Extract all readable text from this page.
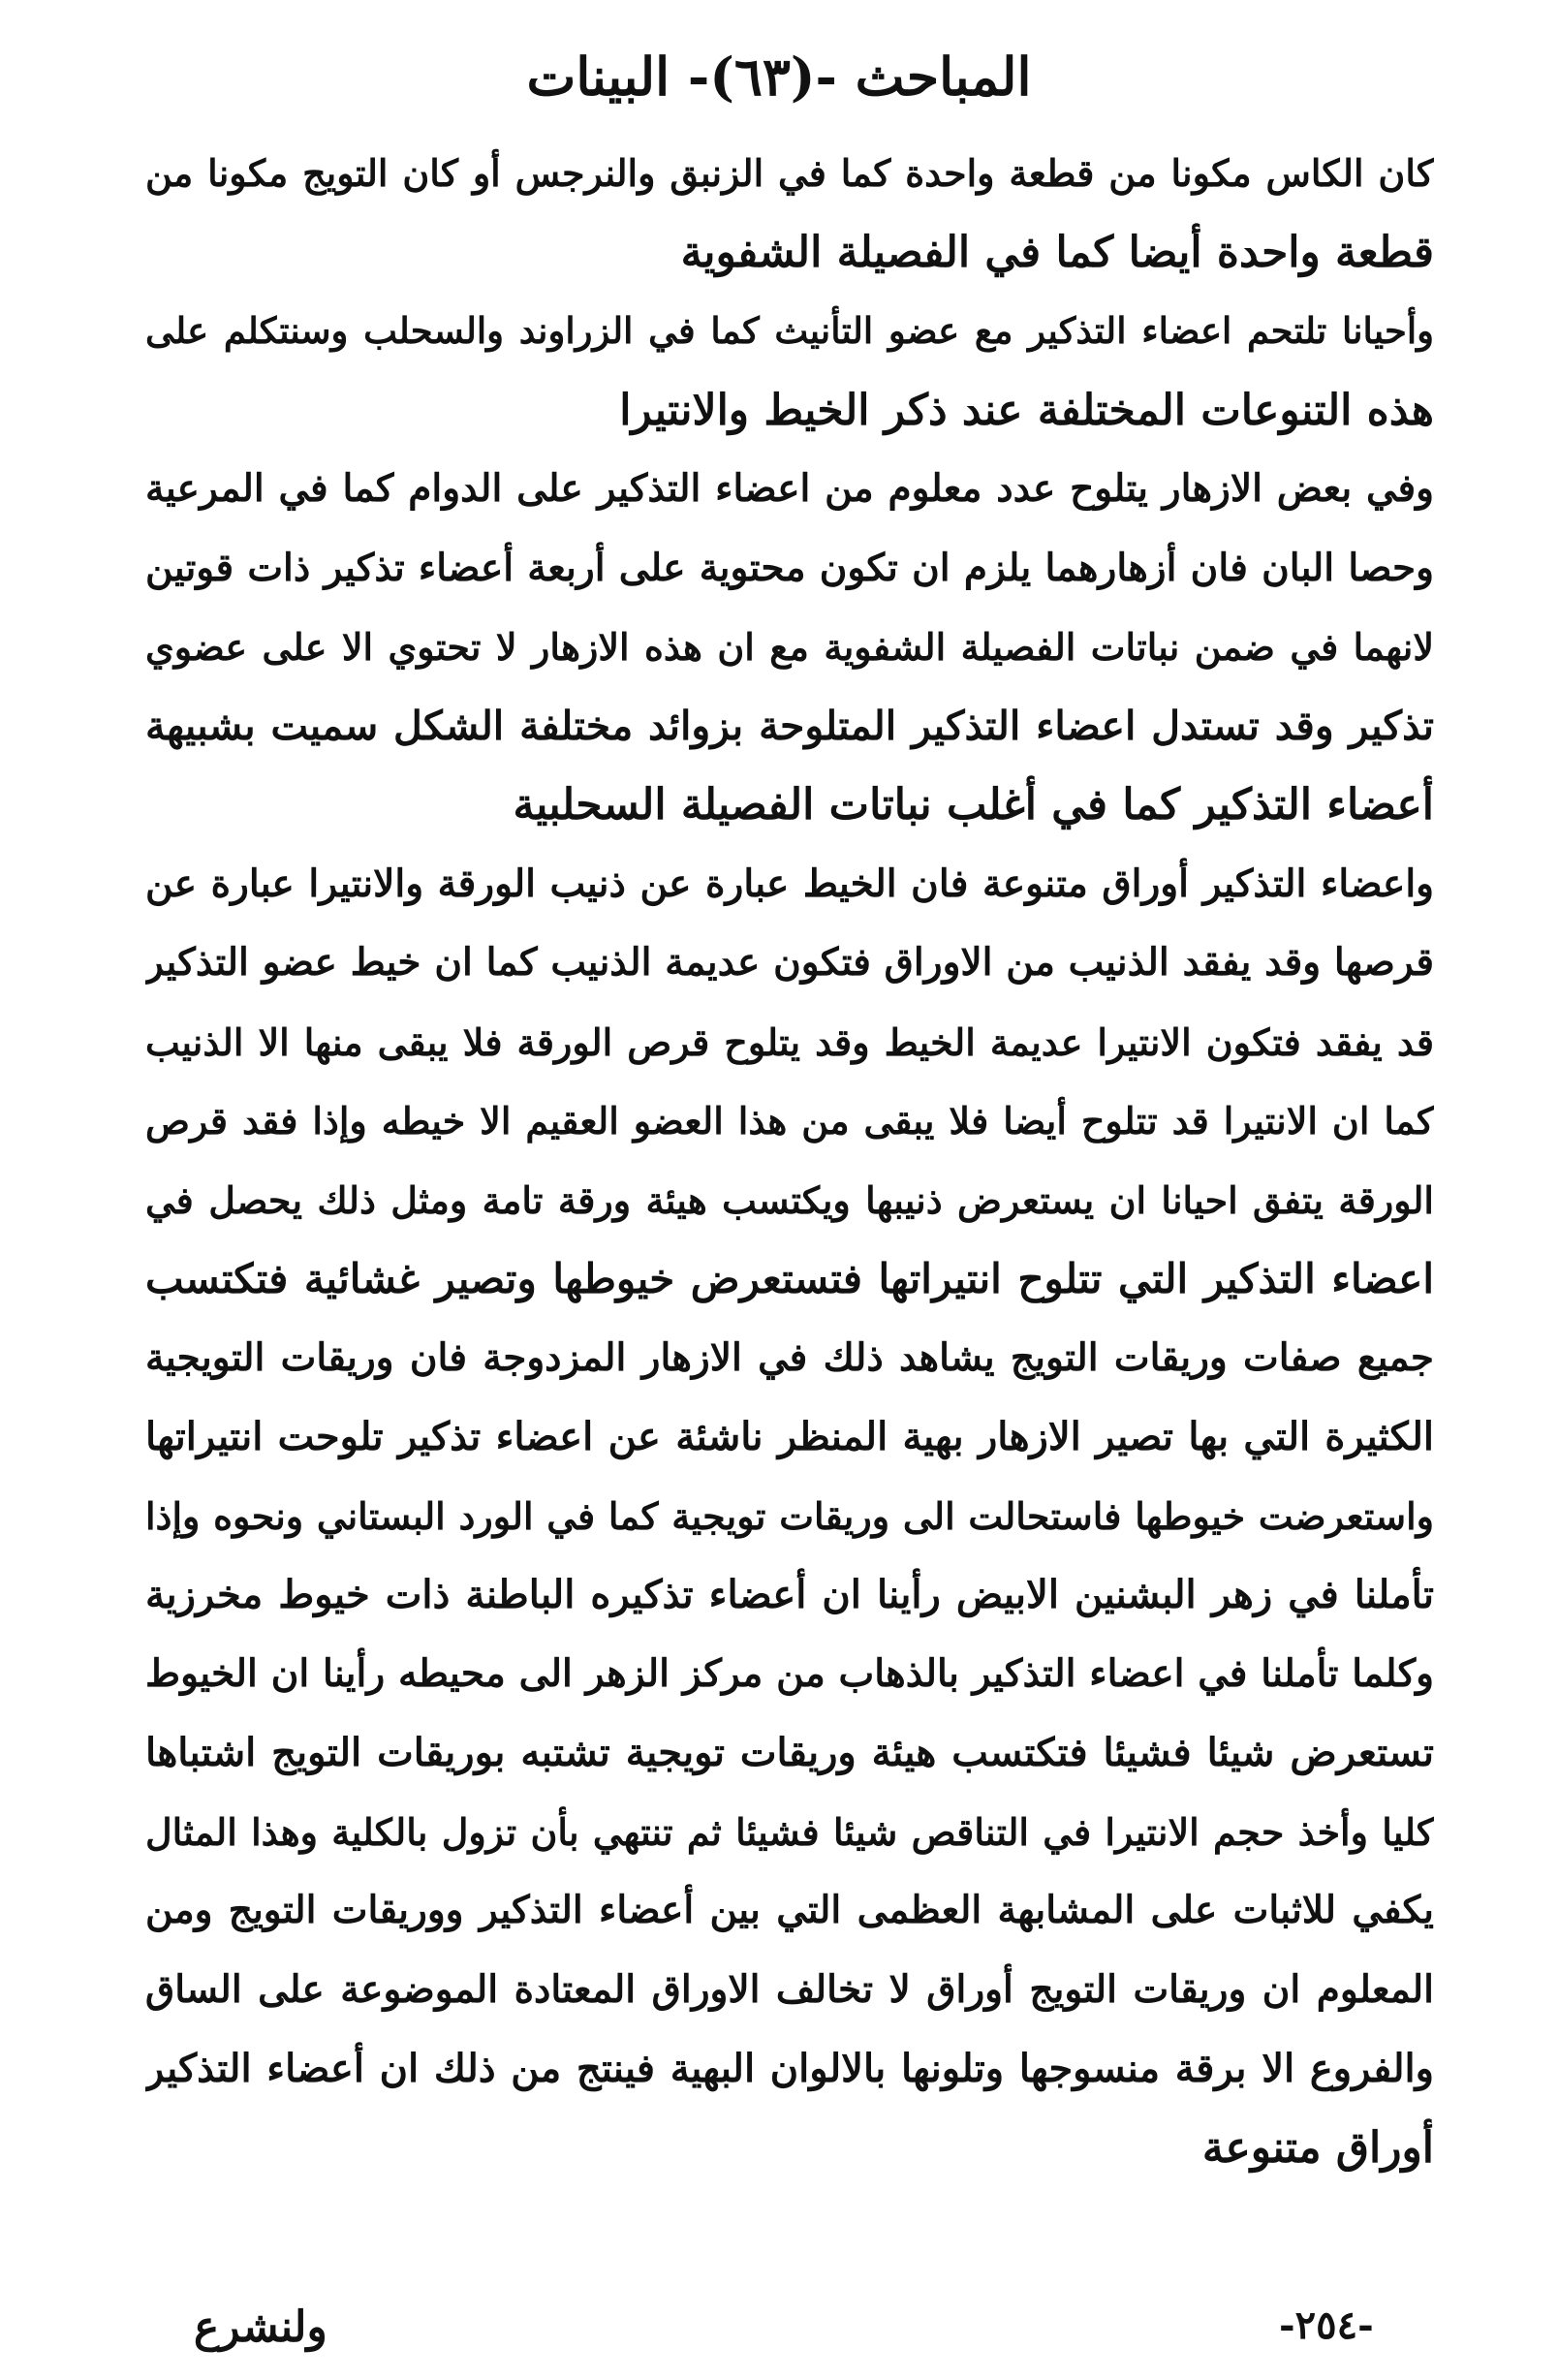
المباحث -(٦٣)- البينات
كان الكاس مكونا من قطعة واحدة كما في الزنبق والنرجس أو كان التويج مكونا من
قطعة واحدة أيضا كما في الفصيلة الشفوية
وأحيانا تلتحم اعضاء التذكير مع عضو التأنيث كما في الزراوند والسحلب وسنتكلم على
هذه التنوعات المختلفة عند ذكر الخيط والانتيرا
وفي بعض الازهار يتلوح عدد معلوم من اعضاء التذكير على الدوام كما في المرعية
وحصا البان فان أزهارهما يلزم ان تكون محتوية على أربعة أعضاء تذكير ذات قوتين
لانهما في ضمن نباتات الفصيلة الشفوية مع ان هذه الازهار لا تحتوي الا على عضوي
تذكير وقد تستدل اعضاء التذكير المتلوحة بزوائد مختلفة الشكل سميت بشبيهة
أعضاء التذكير كما في أغلب نباتات الفصيلة السحلبية
واعضاء التذكير أوراق متنوعة فان الخيط عبارة عن ذنيب الورقة والانتيرا عبارة عن
قرصها وقد يفقد الذنيب من الاوراق فتكون عديمة الذنيب كما ان خيط عضو التذكير
قد يفقد فتكون الانتيرا عديمة الخيط وقد يتلوح قرص الورقة فلا يبقى منها الا الذنيب
كما ان الانتيرا قد تتلوح أيضا فلا يبقى من هذا العضو العقيم الا خيطه وإذا فقد قرص
الورقة يتفق احيانا ان يستعرض ذنيبها ويكتسب هيئة ورقة تامة ومثل ذلك يحصل في
اعضاء التذكير التي تتلوح انتيراتها فتستعرض خيوطها وتصير غشائية فتكتسب
جميع صفات وريقات التويج يشاهد ذلك في الازهار المزدوجة فان وريقات التويجية
الكثيرة التي بها تصير الازهار بهية المنظر ناشئة عن اعضاء تذكير تلوحت انتيراتها
واستعرضت خيوطها فاستحالت الى وريقات تويجية كما في الورد البستاني ونحوه وإذا
تأملنا في زهر البشنين الابيض رأينا ان أعضاء تذكيره الباطنة ذات خيوط مخرزية
وكلما تأملنا في اعضاء التذكير بالذهاب من مركز الزهر الى محيطه رأينا ان الخيوط
تستعرض شيئا فشيئا فتكتسب هيئة وريقات تويجية تشتبه بوريقات التويج اشتباها
كليا وأخذ حجم الانتيرا في التناقص شيئا فشيئا ثم تنتهي بأن تزول بالكلية وهذا المثال
يكفي للاثبات على المشابهة العظمى التي بين أعضاء التذكير ووريقات التويج ومن
المعلوم ان وريقات التويج أوراق لا تخالف الاوراق المعتادة الموضوعة على الساق
والفروع الا برقة منسوجها وتلونها بالالوان البهية فينتج من ذلك ان أعضاء التذكير
أوراق متنوعة
ولنشرع	-٢٥٤-
